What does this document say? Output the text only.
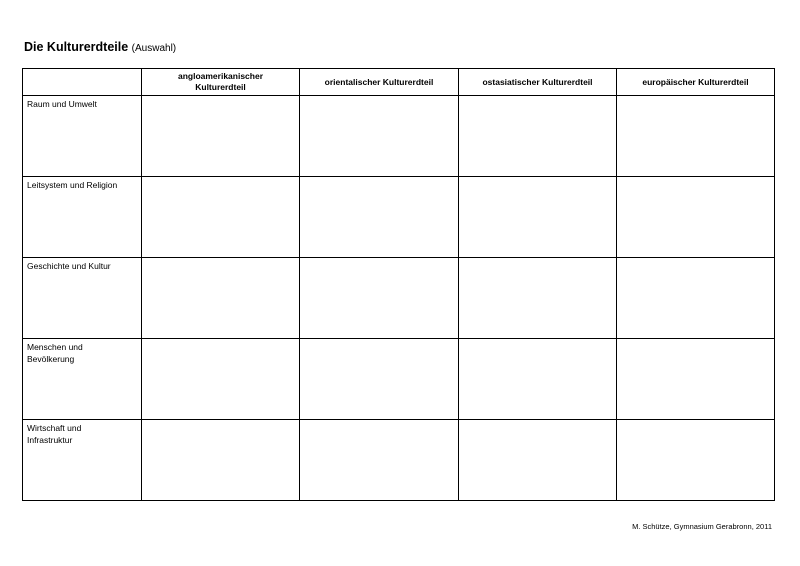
Die Kulturerdteile (Auswahl)
	angloamerikanischer Kulturerdteil	orientalischer Kulturerdteil	ostasiatischer Kulturerdteil	europäischer Kulturerdteil
Raum und Umwelt				
Leitsystem und Religion				
Geschichte und Kultur				
Menschen und Bevölkerung				
Wirtschaft und Infrastruktur				
M. Schütze, Gymnasium Gerabronn, 2011
